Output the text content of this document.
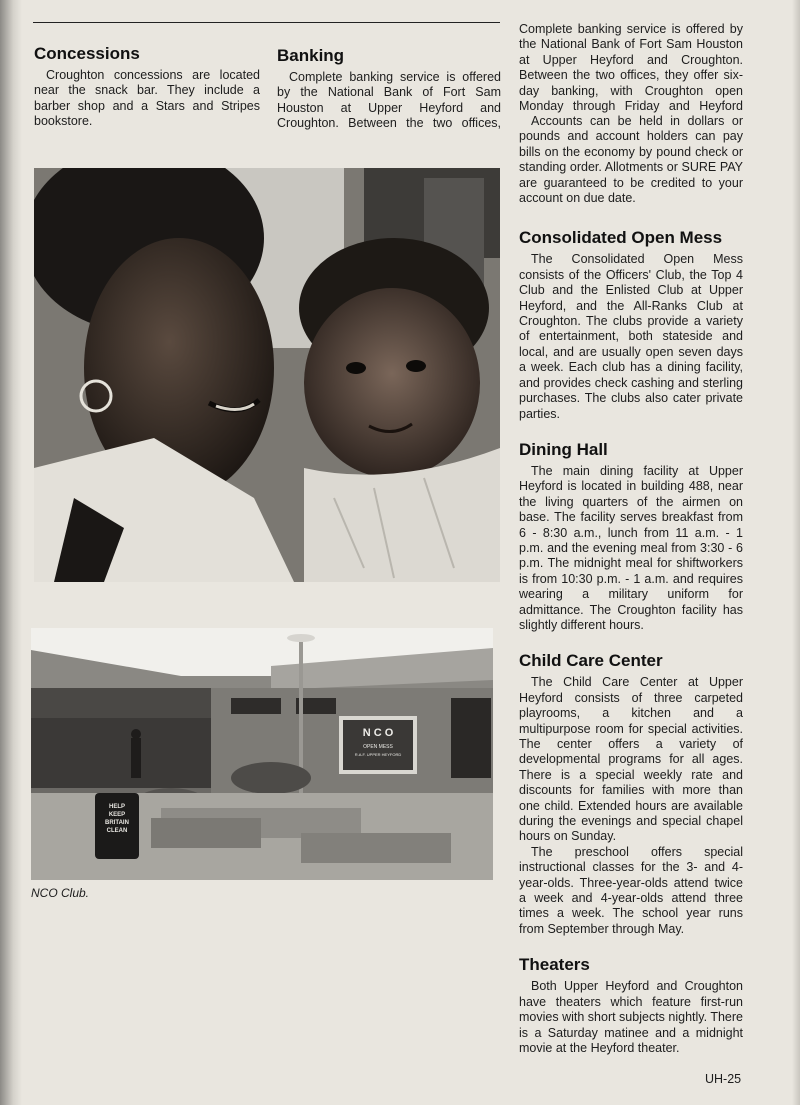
Concessions

Croughton concessions are located near the snack bar. They include a barber shop and a Stars and Stripes bookstore.

Banking

Complete banking service is offered by the National Bank of Fort Sam Houston at Upper Heyford and Croughton. Between the two offices,

N C O
OPEN MESS
R.A.F. UPPER HEYFORD
HELP
KEEP
BRITAIN
CLEAN
NCO Club.

Complete banking service is offered by the National Bank of Fort Sam Houston at Upper Heyford and Croughton. Between the two offices, they offer six-day banking, with Croughton open Monday through Friday and Heyford

Accounts can be held in dollars or pounds and account holders can pay bills on the economy by pound check or standing order. Allotments or SURE PAY are guaranteed to be credited to your account on due date.

Consolidated Open Mess

The Consolidated Open Mess consists of the Officers' Club, the Top 4 Club and the Enlisted Club at Upper Heyford, and the All-Ranks Club at Croughton. The clubs provide a variety of entertainment, both stateside and local, and are usually open seven days a week. Each club has a dining facility, and provides check cashing and sterling purchases. The clubs also cater private parties.

Dining Hall

The main dining facility at Upper Heyford is located in building 488, near the living quarters of the airmen on base. The facility serves breakfast from 6 - 8:30 a.m., lunch from 11 a.m. - 1 p.m. and the evening meal from 3:30 - 6 p.m. The midnight meal for shiftworkers is from 10:30 p.m. - 1 a.m. and requires wearing a military uniform for admittance. The Croughton facility has slightly different hours.

Child Care Center

The Child Care Center at Upper Heyford consists of three carpeted playrooms, a kitchen and a multipurpose room for special activities. The center offers a variety of developmental programs for all ages. There is a special weekly rate and discounts for families with more than one child. Extended hours are available during the evenings and special chapel hours on Sunday.

The preschool offers special instructional classes for the 3- and 4-year-olds. Three-year-olds attend twice a week and 4-year-olds attend three times a week. The school year runs from September through May.

Theaters

Both Upper Heyford and Croughton have theaters which feature first-run movies with short subjects nightly. There is a Saturday matinee and a midnight movie at the Heyford theater.

UH-25
